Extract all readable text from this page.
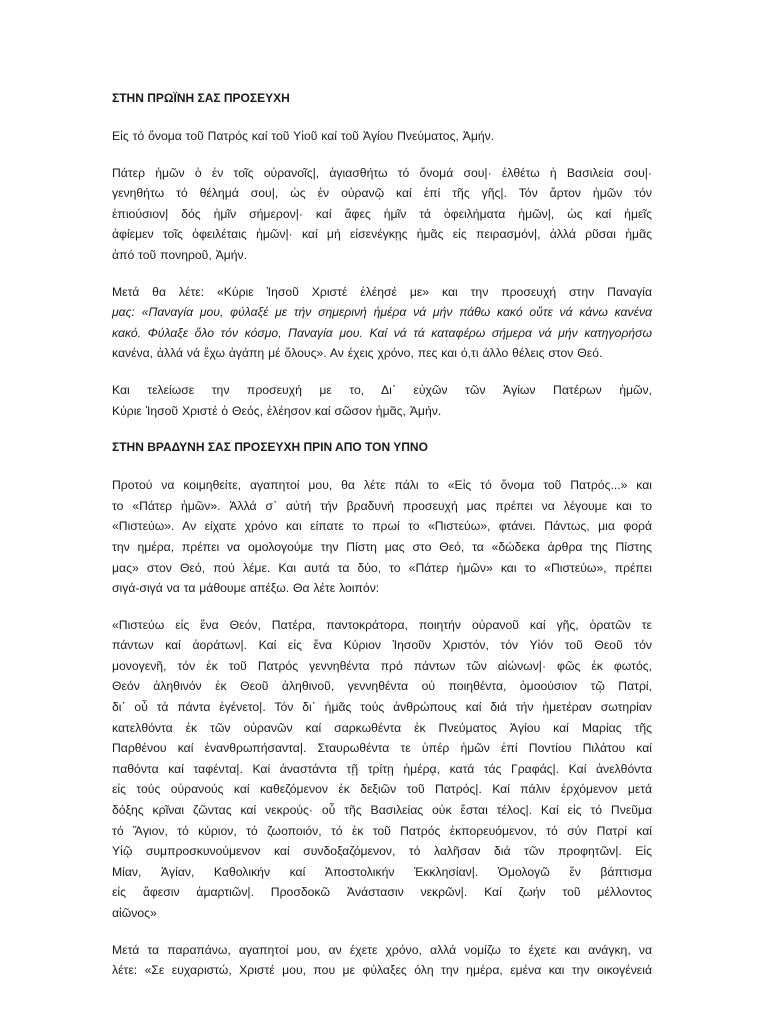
ΣΤΗΝ ΠΡΩΪΝΗ ΣΑΣ ΠΡΟΣΕΥΧΗ
Εἰς τό ὄνομα τοῦ Πατρός καί τοῦ Υἱοῦ καί τοῦ Ἁγίου Πνεύματος, Ἀμήν.
Πάτερ ἡμῶν ὁ ἐν τοῖς οὐρανοῖς|, ἁγιασθήτω τό ὄνομά σου|· ἐλθέτω ἡ Βασιλεία σου|·
γενηθήτω τό θέλημά σου|, ὡς ἐν οὐρανῷ καί ἐπί τῆς γῆς|. Τόν ἄρτον ἡμῶν τόν
ἐπιούσιον| δός ἡμῖν σήμερον|· καί ἄφες ἡμῖν τά ὀφειλήματα ἡμῶν|, ὡς καί ἡμεῖς
ἀφίεμεν τοῖς ὀφειλέταις ἡμῶν|· καί μή εἰσενέγκῃς ἡμᾶς εἰς πειρασμόν|, ἀλλά ρῦσαι ἡμᾶς
ἀπό τοῦ πονηροῦ, Ἀμήν.
Μετά θα λέτε: «Κύριε Ἰησοῦ Χριστέ ἐλέησέ με» και την προσευχή στην Παναγία
μας: «Παναγία μου, φύλαξέ με τήν σημερινή ἡμέρα νά μήν πάθω κακό οὔτε νά κάνω κανένα
κακό. Φύλαξε ὅλο τόν κόσμο, Παναγία μου. Καί νά τά καταφέρω σήμερα νά μήν κατηγορήσω
κανένα, ἀλλά νά ἔχω ἀγάπη μέ ὅλους». Αν έχεις χρόνο, πες και ό,τι άλλο θέλεις στον Θεό.
Και τελείωσε την προσευχή με το, Δι᾽ εὐχῶν τῶν Ἁγίων Πατέρων ἡμῶν,
Κύριε Ἰησοῦ Χριστέ ὁ Θεός, ἐλέησον καί σῶσον ἡμᾶς, Ἀμήν.
ΣΤΗΝ ΒΡΑΔΥΝΗ ΣΑΣ ΠΡΟΣΕΥΧΗ ΠΡΙΝ ΑΠΟ ΤΟΝ ΥΠΝΟ
Προτού να κοιμηθείτε, αγαπητοί μου, θα λέτε πάλι το «Εἰς τό ὄνομα τοῦ Πατρός...» και
το «Πάτερ ἡμῶν». Ἀλλά σ᾽ αὐτή τήν βραδυνή προσευχή μας πρέπει να λέγουμε και το
«Πιστεύω». Αν είχατε χρόνο και είπατε το πρωί το «Πιστεύω», φτάνει. Πάντως, μια φορά
την ημέρα, πρέπει να ομολογούμε την Πίστη μας στο Θεό, τα «δώδεκα άρθρα της Πίστης
μας» στον Θεό, πού λέμε. Και αυτά τα δύο, το «Πάτερ ἡμῶν» και το «Πιστεύω», πρέπει
σιγά-σιγά να τα μάθουμε απέξω. Θα λέτε λοιπόν:
«Πιστεύω εἰς ἕνα Θεόν, Πατέρα, παντοκράτορα, ποιητήν οὐρανοῦ καί γῆς, ὁρατῶν τε
πάντων καί ἀοράτων|. Καί εἰς ἕνα Κύριον Ἰησοῦν Χριστόν, τόν Υἱόν τοῦ Θεοῦ τόν
μονογενῆ, τόν ἐκ τοῦ Πατρός γεννηθέντα πρό πάντων τῶν αἰώνων|· φῶς ἐκ φωτός,
Θεόν ἀληθινόν ἐκ Θεοῦ ἀληθινοῦ, γεννηθέντα οὐ ποιηθέντα, ὁμοούσιον τῷ Πατρί,
δι᾽ οὗ τά πάντα ἐγένετο|. Τόν δι᾽ ἡμᾶς τούς ἀνθρώπους καί διά τήν ἡμετέραν σωτηρίαν
κατελθόντα ἐκ τῶν οὐρανῶν καί σαρκωθέντα ἐκ Πνεύματος Ἁγίου καί Μαρίας τῆς
Παρθένου καί ἐνανθρωπήσαντα|. Σταυρωθέντα τε ὑπέρ ἡμῶν ἐπί Ποντίου Πιλάτου καί
παθόντα καί ταφέντα|. Καί ἀναστάντα τῇ τρίτῃ ἡμέρᾳ, κατά τάς Γραφάς|. Καί ἀνελθόντα
εἰς τούς οὐρανούς καί καθεζόμενον ἐκ δεξιῶν τοῦ Πατρός|. Καί πάλιν ἐρχόμενον μετά
δόξης κρῖναι ζῶντας καί νεκρούς· οὗ τῆς Βασιλείας οὐκ ἔσται τέλος|. Καί εἰς τό Πνεῦμα
τό Ἅγιον, τό κύριον, τό ζωοποιόν, τό ἐκ τοῦ Πατρός ἐκπορευόμενον, τό σύν Πατρί καί
Υἱῷ συμπροσκυνούμενον καί συνδοξαζόμενον, τό λαλῆσαν διά τῶν προφητῶν|. Εἰς
Μίαν, Ἁγίαν, Καθολικήν καί Ἀποστολικήν Ἐκκλησίαν|. Ὁμολογῶ ἕν βάπτισμα
εἰς ἄφεσιν ἁμαρτιῶν|. Προσδοκῶ Ἀνάστασιν νεκρῶν|. Καί ζωήν τοῦ μέλλοντος
αἰῶνος»
Μετά τα παραπάνω, αγαπητοί μου, αν έχετε χρόνο, αλλά νομίζω το έχετε και ανάγκη, να
λέτε: «Σε ευχαριστώ, Χριστέ μου, που με φύλαξες όλη την ημέρα, εμένα και την οικογένειά
